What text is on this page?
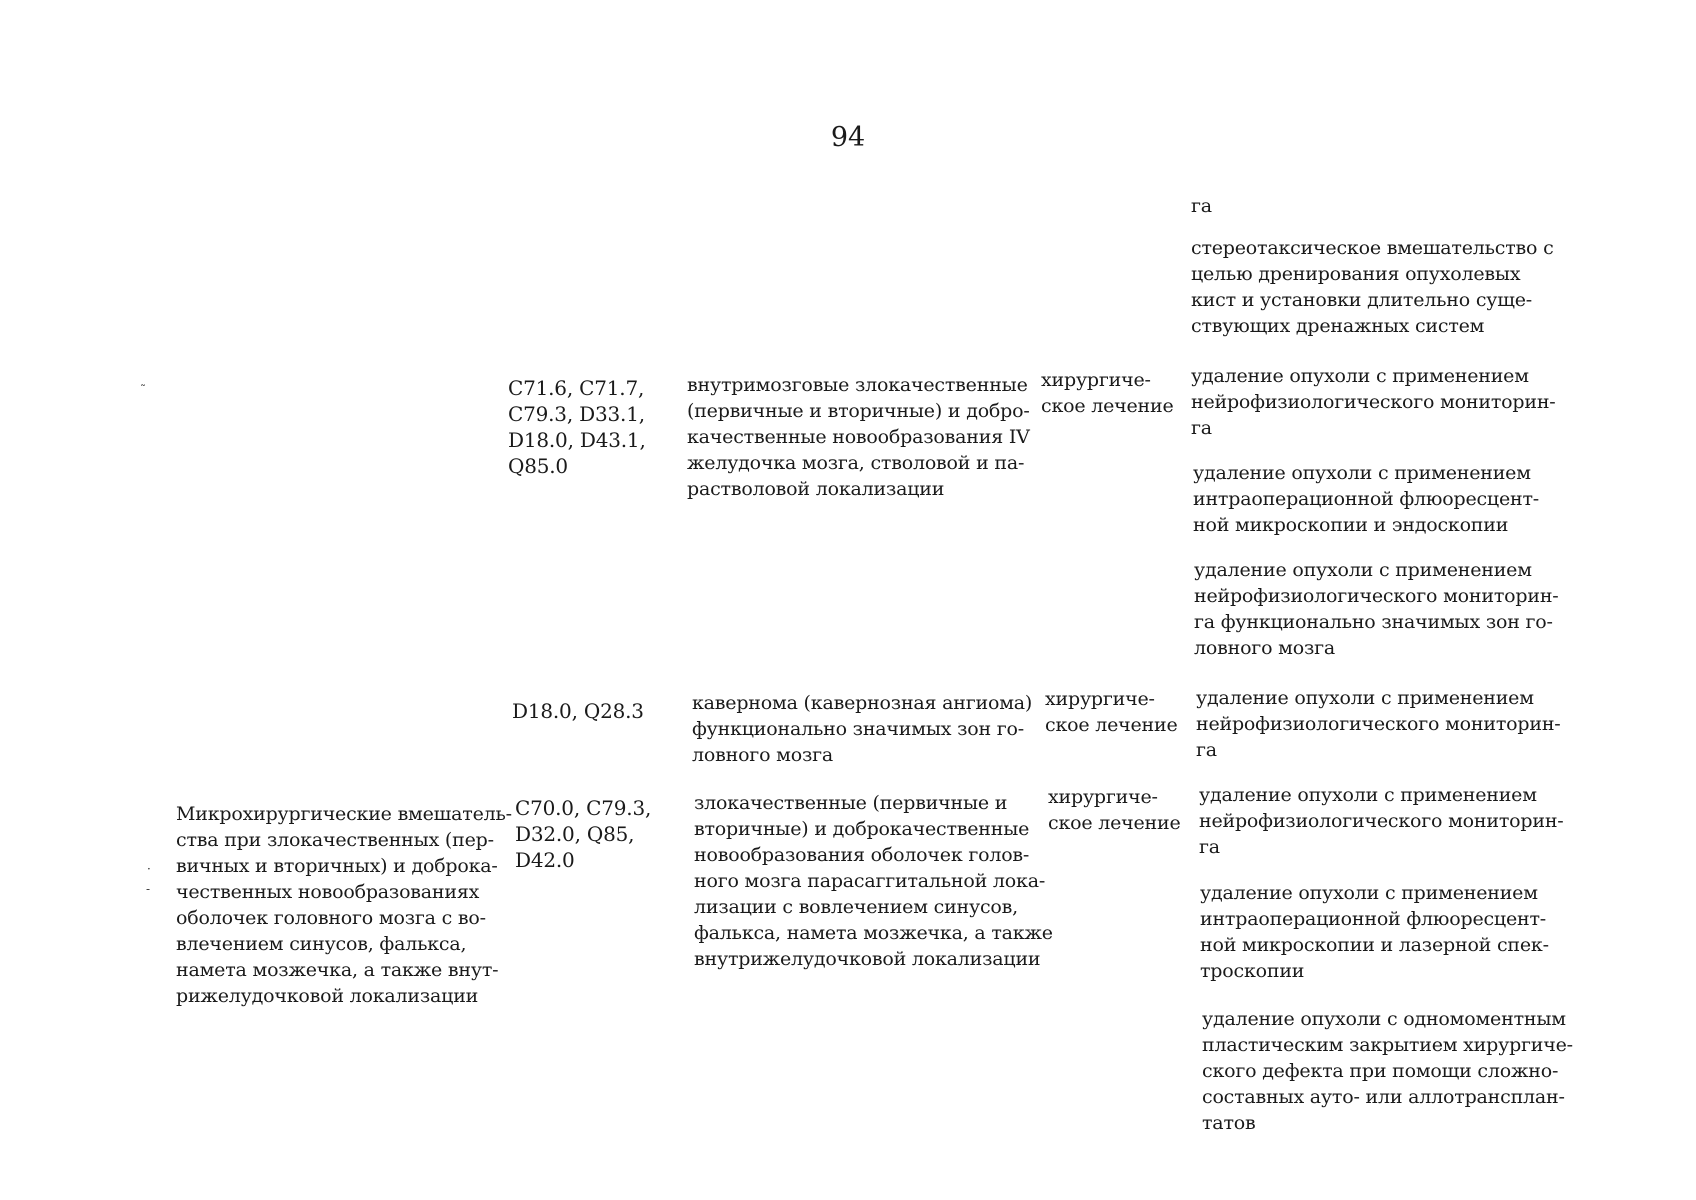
94
га
стереотаксическое вмешательство с
целью дренирования опухолевых
кист и установки длительно суще-
ствующих дренажных систем
C71.6, C71.7,
C79.3, D33.1,
D18.0, D43.1,
Q85.0
внутримозговые злокачественные
(первичные и вторичные) и добро-
качественные новообразования IV
желудочка мозга, стволовой и па-
растволовой локализации
хирургиче-
ское лечение
удаление опухоли с применением
нейрофизиологического мониторин-
га
удаление опухоли с применением
интраоперационной флюоресцент-
ной микроскопии и эндоскопии
удаление опухоли с применением
нейрофизиологического мониторин-
га функционально значимых зон го-
ловного мозга
D18.0, Q28.3	кавернома (кавернозная ангиома)
функционально значимых зон го-
ловного мозга
хирургиче-
ское лечение
удаление опухоли с применением
нейрофизиологического мониторин-
га
Микрохирургические вмешатель-
ства при злокачественных (пер-
вичных и вторичных) и доброка-
чественных новообразованиях
оболочек головного мозга с во-
влечением синусов, фалькса,
намета мозжечка, а также внут-
рижелудочковой локализации
C70.0, C79.3,
D32.0, Q85,
D42.0
злокачественные (первичные и
вторичные) и доброкачественные
новообразования оболочек голов-
ного мозга парасаггитальной лока-
лизации с вовлечением синусов,
фалькса, намета мозжечка, а также
внутрижелудочковой локализации
хирургиче-
ское лечение
удаление опухоли с применением
нейрофизиологического мониторин-
га
удаление опухоли с применением
интраоперационной флюоресцент-
ной микроскопии и лазерной спек-
троскопии
удаление опухоли с одномоментным
пластическим закрытием хирургиче-
ского дефекта при помощи сложно-
составных ауто- или аллотрансплан-
татов
˜
·
-
